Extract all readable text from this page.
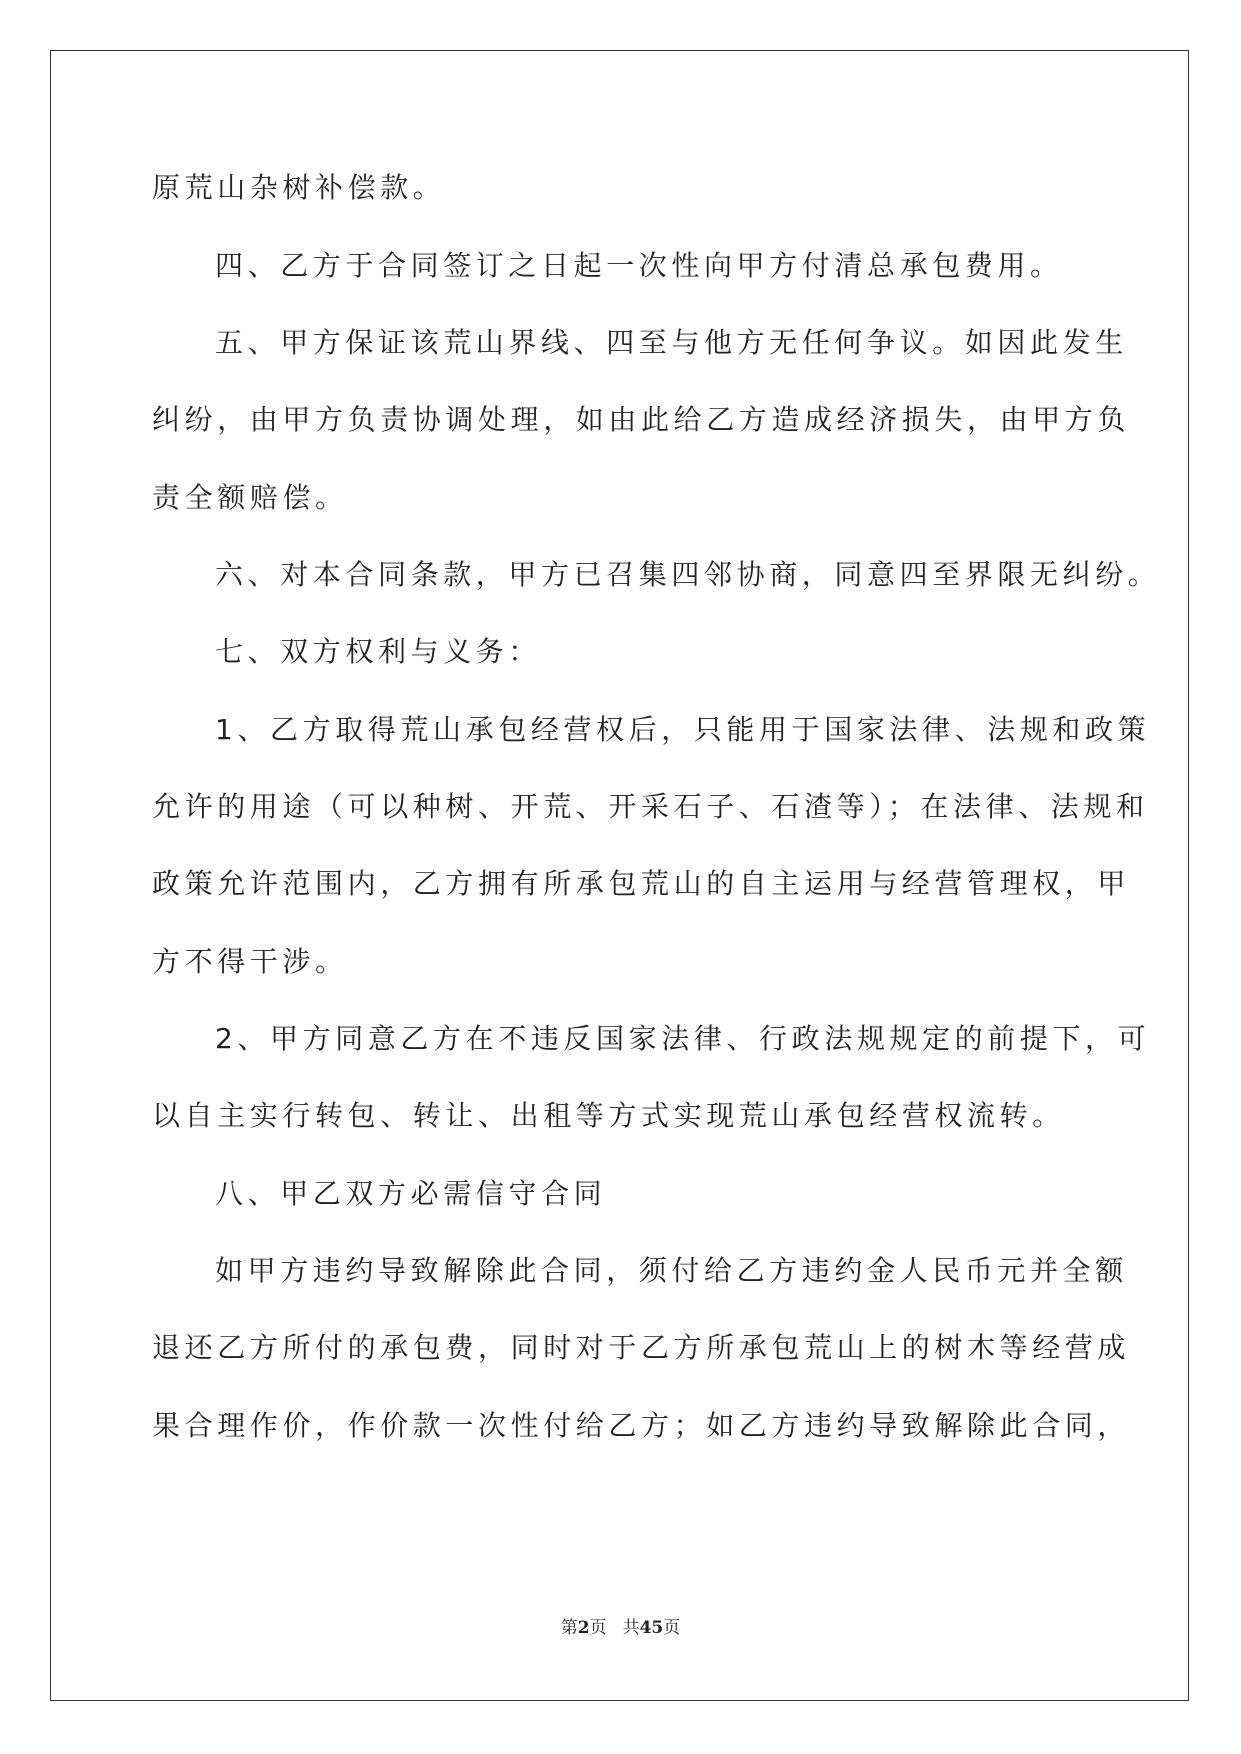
原荒山杂树补偿款。
四、乙方于合同签订之日起一次性向甲方付清总承包费用。
五、甲方保证该荒山界线、四至与他方无任何争议。如因此发生
纠纷，由甲方负责协调处理，如由此给乙方造成经济损失，由甲方负
责全额赔偿。
六、对本合同条款，甲方已召集四邻协商，同意四至界限无纠纷。
七、双方权利与义务：
1、乙方取得荒山承包经营权后，只能用于国家法律、法规和政策
允许的用途（可以种树、开荒、开采石子、石渣等）；在法律、法规和
政策允许范围内，乙方拥有所承包荒山的自主运用与经营管理权，甲
方不得干涉。
2、甲方同意乙方在不违反国家法律、行政法规规定的前提下，可
以自主实行转包、转让、出租等方式实现荒山承包经营权流转。
八、甲乙双方必需信守合同
如甲方违约导致解除此合同，须付给乙方违约金人民币元并全额
退还乙方所付的承包费，同时对于乙方所承包荒山上的树木等经营成
果合理作价，作价款一次性付给乙方；如乙方违约导致解除此合同，
第2页 共45页
